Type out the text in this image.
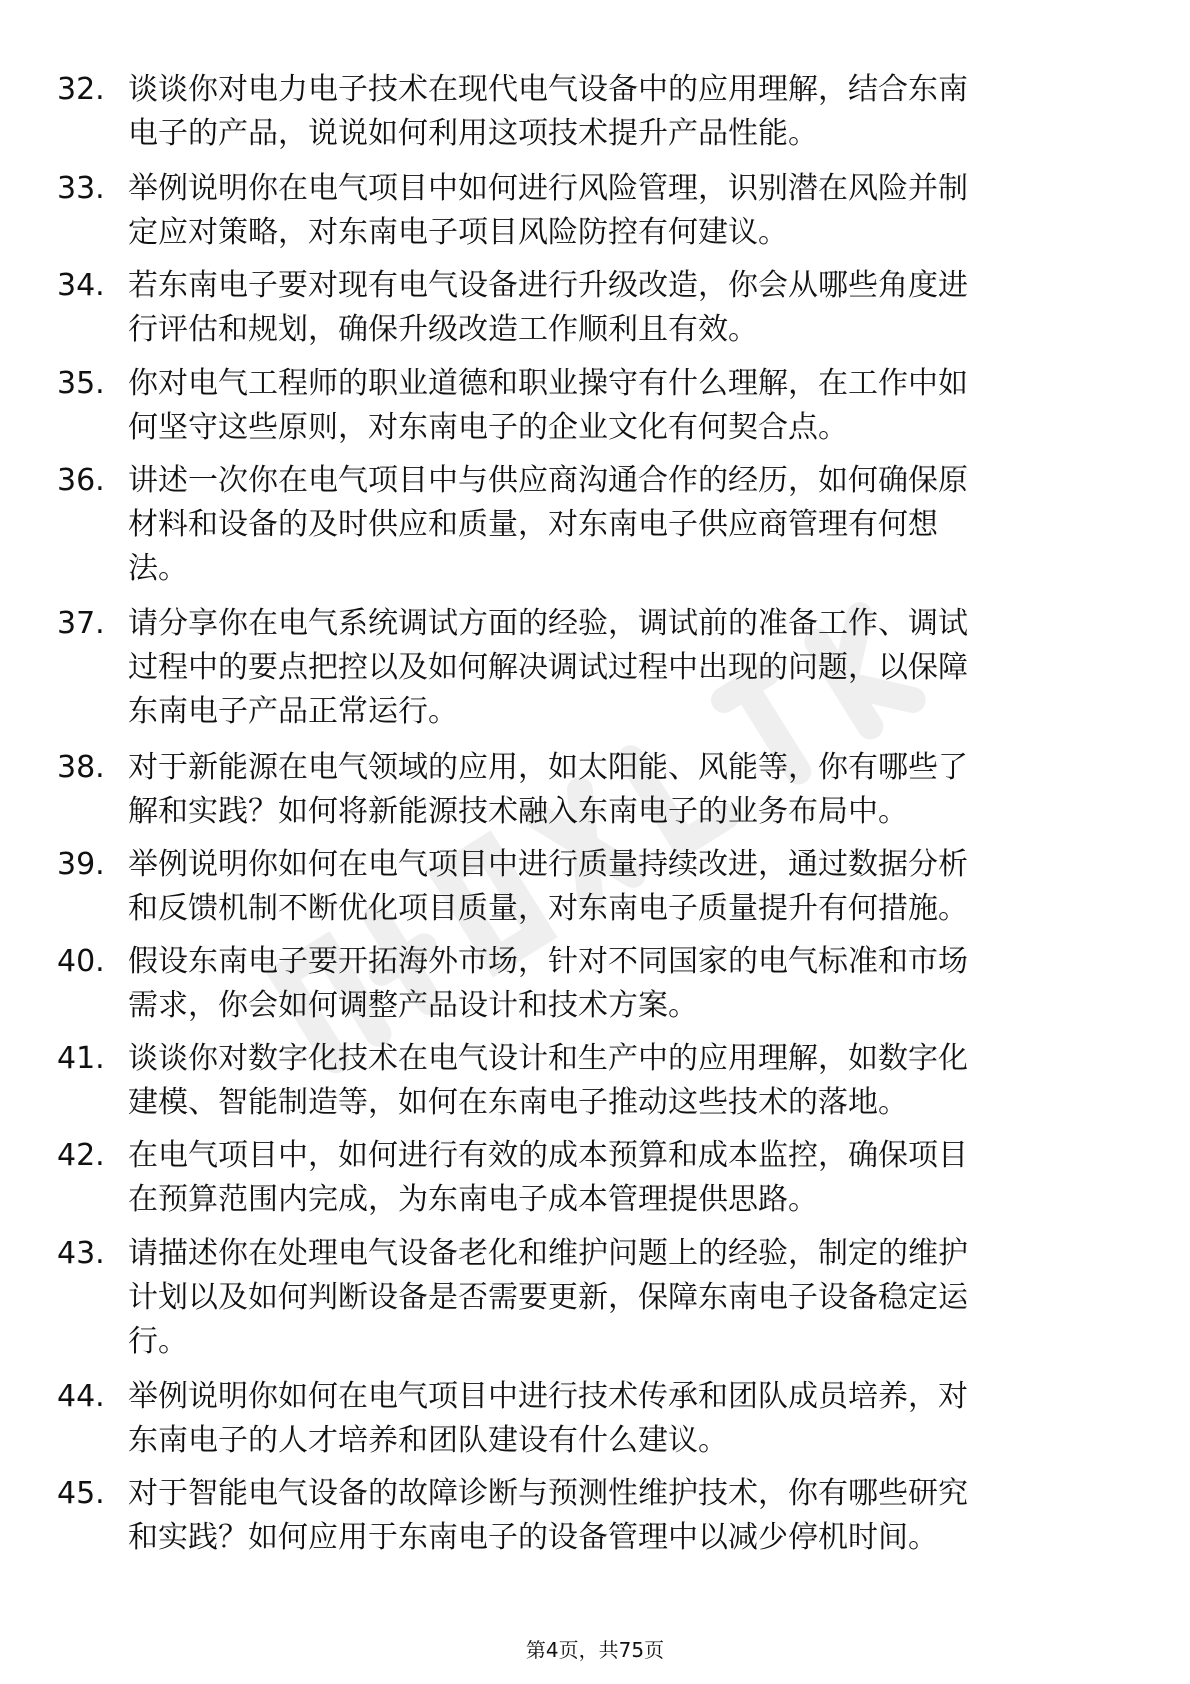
32. 谈谈你对电力电子技术在现代电气设备中的应用理解，结合东南
电子的产品，说说如何利用这项技术提升产品性能。
33. 举例说明你在电气项目中如何进行风险管理，识别潜在风险并制
定应对策略，对东南电子项目风险防控有何建议。
34. 若东南电子要对现有电气设备进行升级改造，你会从哪些角度进
行评估和规划，确保升级改造工作顺利且有效。
35. 你对电气工程师的职业道德和职业操守有什么理解，在工作中如
何坚守这些原则，对东南电子的企业文化有何契合点。
36. 讲述一次你在电气项目中与供应商沟通合作的经历，如何确保原
材料和设备的及时供应和质量，对东南电子供应商管理有何想
法。
37. 请分享你在电气系统调试方面的经验，调试前的准备工作、调试
过程中的要点把控以及如何解决调试过程中出现的问题，以保障
东南电子产品正常运行。
38. 对于新能源在电气领域的应用，如太阳能、风能等，你有哪些了
解和实践？如何将新能源技术融入东南电子的业务布局中。
39. 举例说明你如何在电气项目中进行质量持续改进，通过数据分析
和反馈机制不断优化项目质量，对东南电子质量提升有何措施。
40. 假设东南电子要开拓海外市场，针对不同国家的电气标准和市场
需求，你会如何调整产品设计和技术方案。
41. 谈谈你对数字化技术在电气设计和生产中的应用理解，如数字化
建模、智能制造等，如何在东南电子推动这些技术的落地。
42. 在电气项目中，如何进行有效的成本预算和成本监控，确保项目
在预算范围内完成，为东南电子成本管理提供思路。
43. 请描述你在处理电气设备老化和维护问题上的经验，制定的维护
计划以及如何判断设备是否需要更新，保障东南电子设备稳定运
行。
44. 举例说明你如何在电气项目中进行技术传承和团队成员培养，对
东南电子的人才培养和团队建设有什么建议。
45. 对于智能电气设备的故障诊断与预测性维护技术，你有哪些研究
和实践？如何应用于东南电子的设备管理中以减少停机时间。
第4页，共75页
